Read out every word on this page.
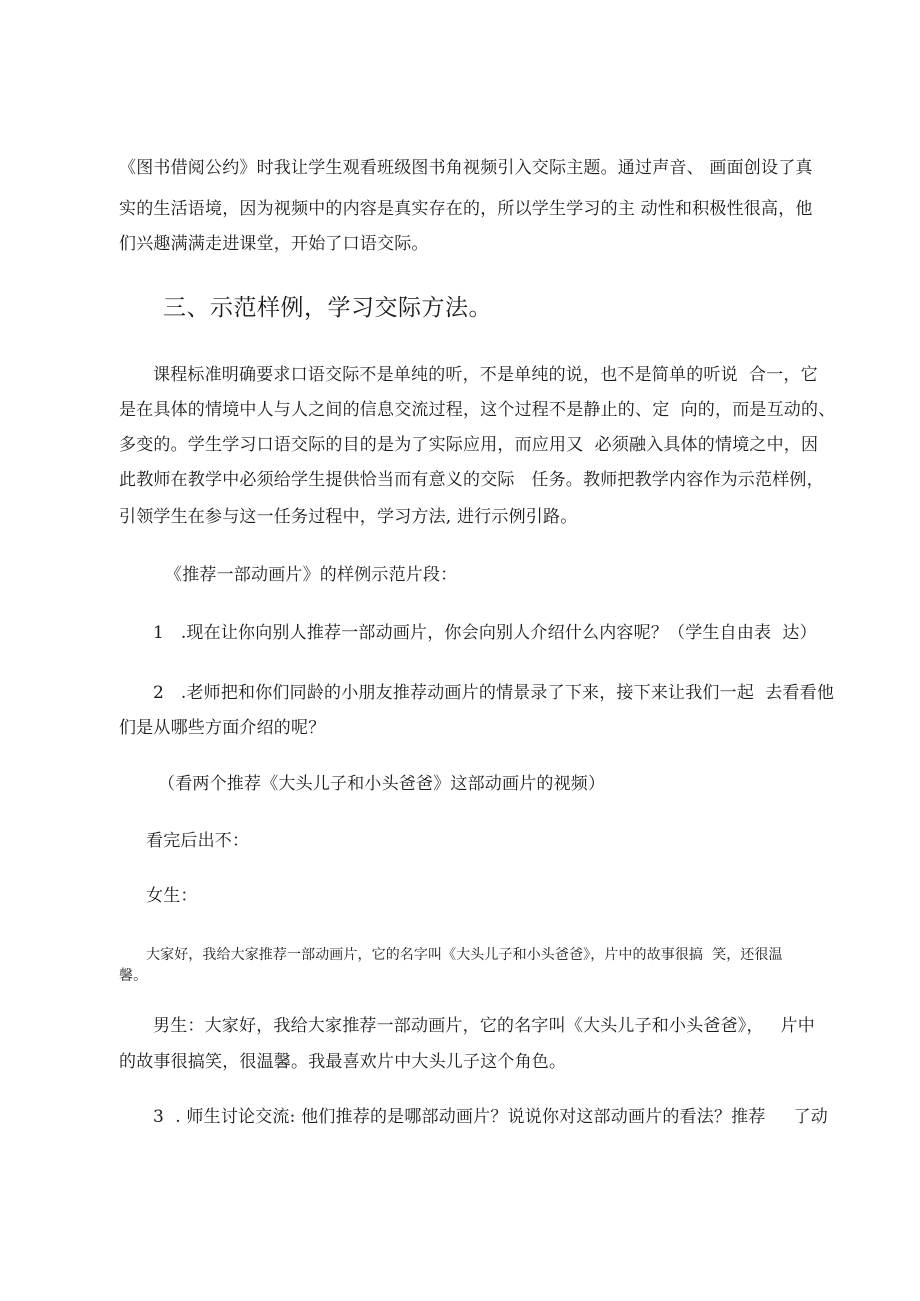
《图书借阅公约》时我让学生观看班级图书角视频引入交际主题。通过声音、 画面创设了真
实的生活语境，因为视频中的内容是真实存在的，所以学生学习的主 动性和积极性很高，他
们兴趣满满走进课堂，开始了口语交际。
三、示范样例，学习交际方法。
课程标准明确要求口语交际不是单纯的听，不是单纯的说，也不是简单的听说  合一，它
是在具体的情境中人与人之间的信息交流过程，这个过程不是静止的、定  向的，而是互动的、
多变的。学生学习口语交际的目的是为了实际应用，而应用又  必须融入具体的情境之中，因
此教师在教学中必须给学生提供恰当而有意义的交际   任务。教师把教学内容作为示范样例，
引领学生在参与这一任务过程中，学习方法, 进行示例引路。
《推荐一部动画片》的样例示范片段：
1   .现在让你向别人推荐一部动画片，你会向别人介绍什么内容呢？（学生自由表  达）
2   .老师把和你们同龄的小朋友推荐动画片的情景录了下来，接下来让我们一起  去看看他
们是从哪些方面介绍的呢？
（看两个推荐《大头儿子和小头爸爸》这部动画片的视频）
看完后出不：
女生：
大家好，我给大家推荐一部动画片，它的名字叫《大头儿子和小头爸爸》，片中的故事很搞  笑，还很温
馨。
男生：大家好，我给大家推荐一部动画片，它的名字叫《大头儿子和小头爸爸》，   片中
的故事很搞笑，很温馨。我最喜欢片中大头儿子这个角色。
3  . 师生讨论交流: 他们推荐的是哪部动画片？说说你对这部动画片的看法？推荐     了动
